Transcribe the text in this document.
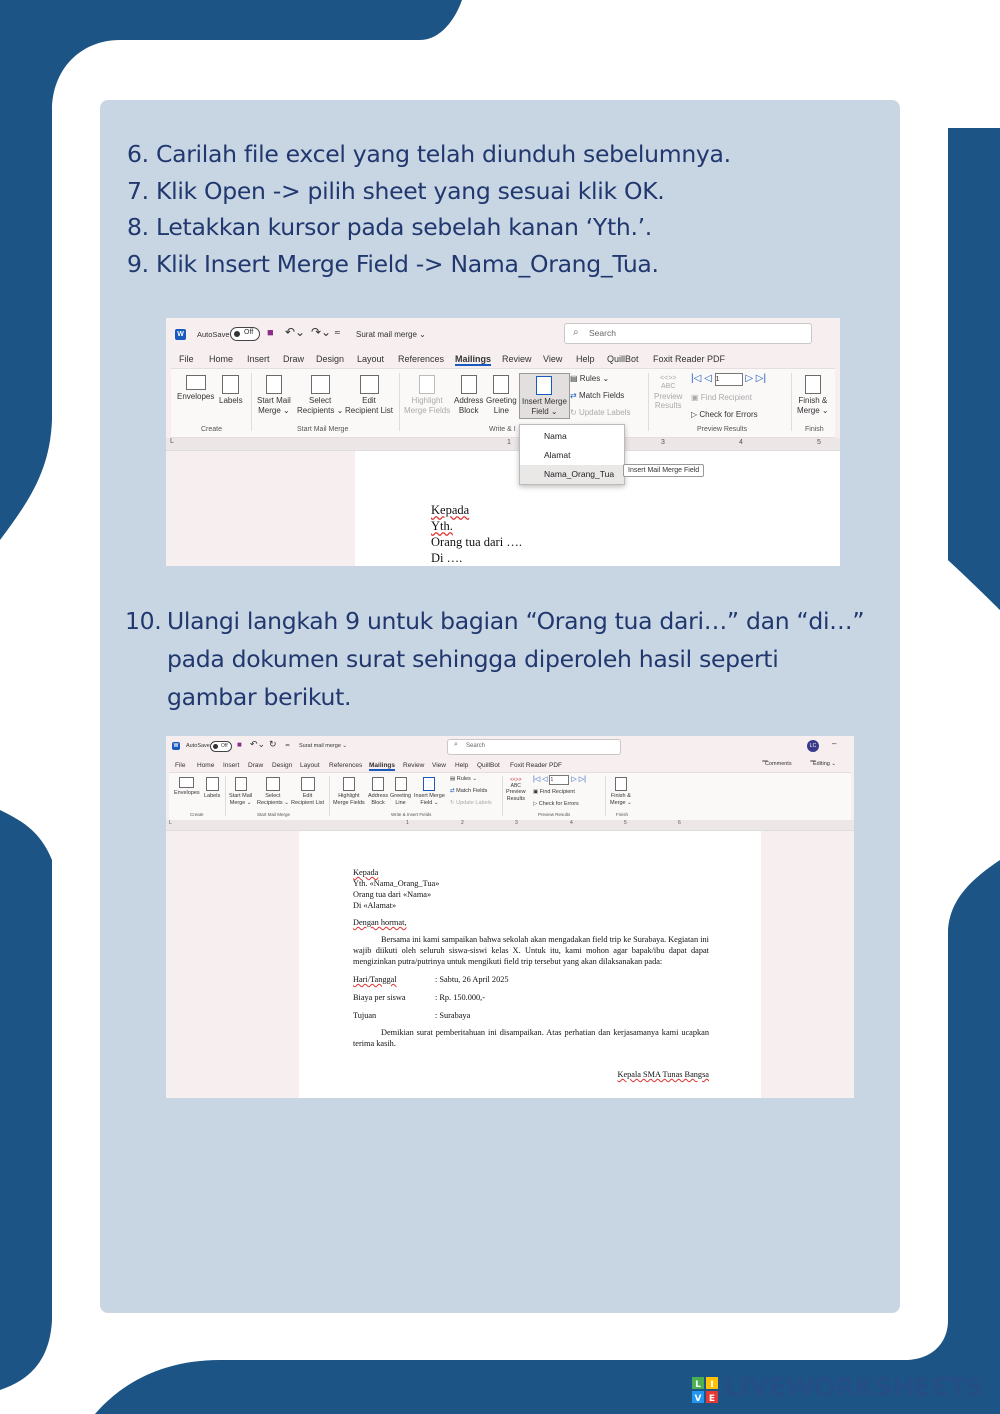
6. Carilah file excel yang telah diunduh sebelumnya.
7. Klik Open -> pilih sheet yang sesuai klik OK.
8. Letakkan kursor pada sebelah kanan ‘Yth.’.
9. Klik Insert Merge Field -> Nama_Orang_Tua.
W AutoSave Off ■ ↶⌄ ↷⌄ ≂ Surat mail merge ⌄	⌕ Search
File Home Insert Draw Design Layout References Mailings Review View Help QuillBot Foxit Reader PDF
Envelopes Labels Start Mail
Merge ⌄
Select
Recipients ⌄
Edit
Recipient List
Create	Start Mail Merge
Highlight
Merge Fields
Address
Block
Greeting
Line
Insert Merge
Field ⌄
▤ Rules ⌄
⇄ Match Fields
↻ Update Labels
Write & I
<<>>
ABC
Preview
Results
|◁ ◁ 1 ▷ ▷|
▣ Find Recipient
▷ Check for Errors
Preview Results
Finish &
Merge ⌄
Finish
L	1	3	4	5
Kepada
Yth.
Orang tua dari ….
Di ….
Nama
Alamat
Nama_Orang_Tua	Insert Mail Merge Field
10. Ulangi langkah 9 untuk bagian “Orang tua dari…” dan “di…” pada dokumen surat sehingga diperoleh hasil seperti gambar berikut.
W AutoSave Off ■ ↶⌄ ↻ ≂ Surat mail merge ⌄	⌕ Search	LC	–
File Home Insert Draw Design Layout References Mailings Review View Help QuillBot Foxit Reader PDF	Comments	Editing ⌄
Envelopes Labels Start Mail
Merge ⌄
Select
Recipients ⌄
Edit
Recipient List
Create	Start Mail Merge
Highlight
Merge Fields
Address
Block
Greeting
Line
Insert Merge
Field ⌄
▤ Rules ⌄
⇄ Match Fields
↻ Update Labels
Write & Insert Fields
<<>>
ABC
Preview
Results
|◁ ◁ 1 ▷ ▷|
▣ Find Recipient
▷ Check for Errors
Preview Results
Finish &
Merge ⌄
Finish
L	1	2	3	4	5	6
Kepada
Yth. «Nama_Orang_Tua»
Orang tua dari «Nama»
Di «Alamat»
Dengan hormat,
Bersama ini kami sampaikan bahwa sekolah akan mengadakan field trip ke Surabaya. Kegiatan ini wajib diikuti oleh seluruh siswa-siswi kelas X. Untuk itu, kami mohon agar bapak/ibu dapat dapat mengizinkan putra/putrinya untuk mengikuti field trip tersebut yang akan dilaksanakan pada:
Hari/Tanggal	: Sabtu, 26 April 2025
Biaya per siswa	: Rp. 150.000,-
Tujuan	: Surabaya
Demikian surat pemberitahuan ini disampaikan. Atas perhatian dan kerjasamanya kami ucapkan terima kasih.
Kepala SMA Tunas Bangsa
L I
V E LIVEWORKSHEETS
